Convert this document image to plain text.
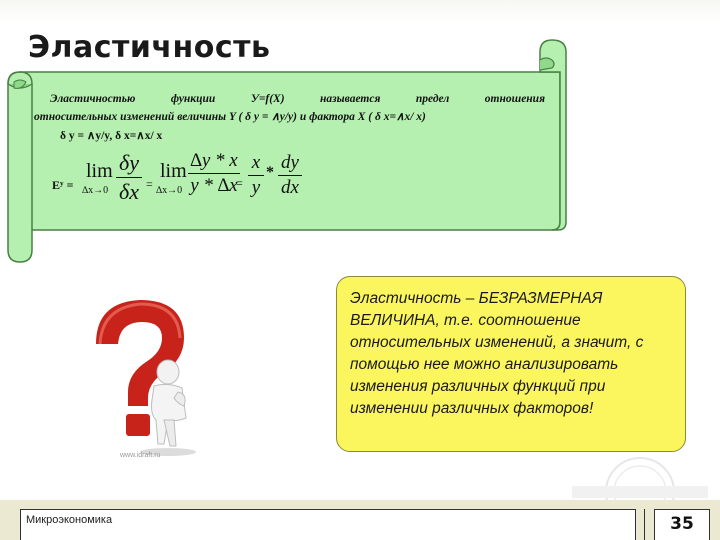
Эластичность
Эластичностью функции У=f(X) называется предел отношения
относительных изменений величины Y ( δ y = ∧y/y) и фактора X ( δ x=∧x/ x)
δ y = ∧y/y, δ x=∧x/ x
Eʸ =
lim
∆x→0
δy
δx =
lim
∆x→0
∆y * x
y * ∆x
=
x
y
* dy
dx
www.idraft.ru
Эластичность – БЕЗРАЗМЕРНАЯ ВЕЛИЧИНА, т.е. соотношение относительных изменений, а значит, с помощью нее можно анализировать изменения различных функций при изменении различных факторов!
Микроэкономика	35
